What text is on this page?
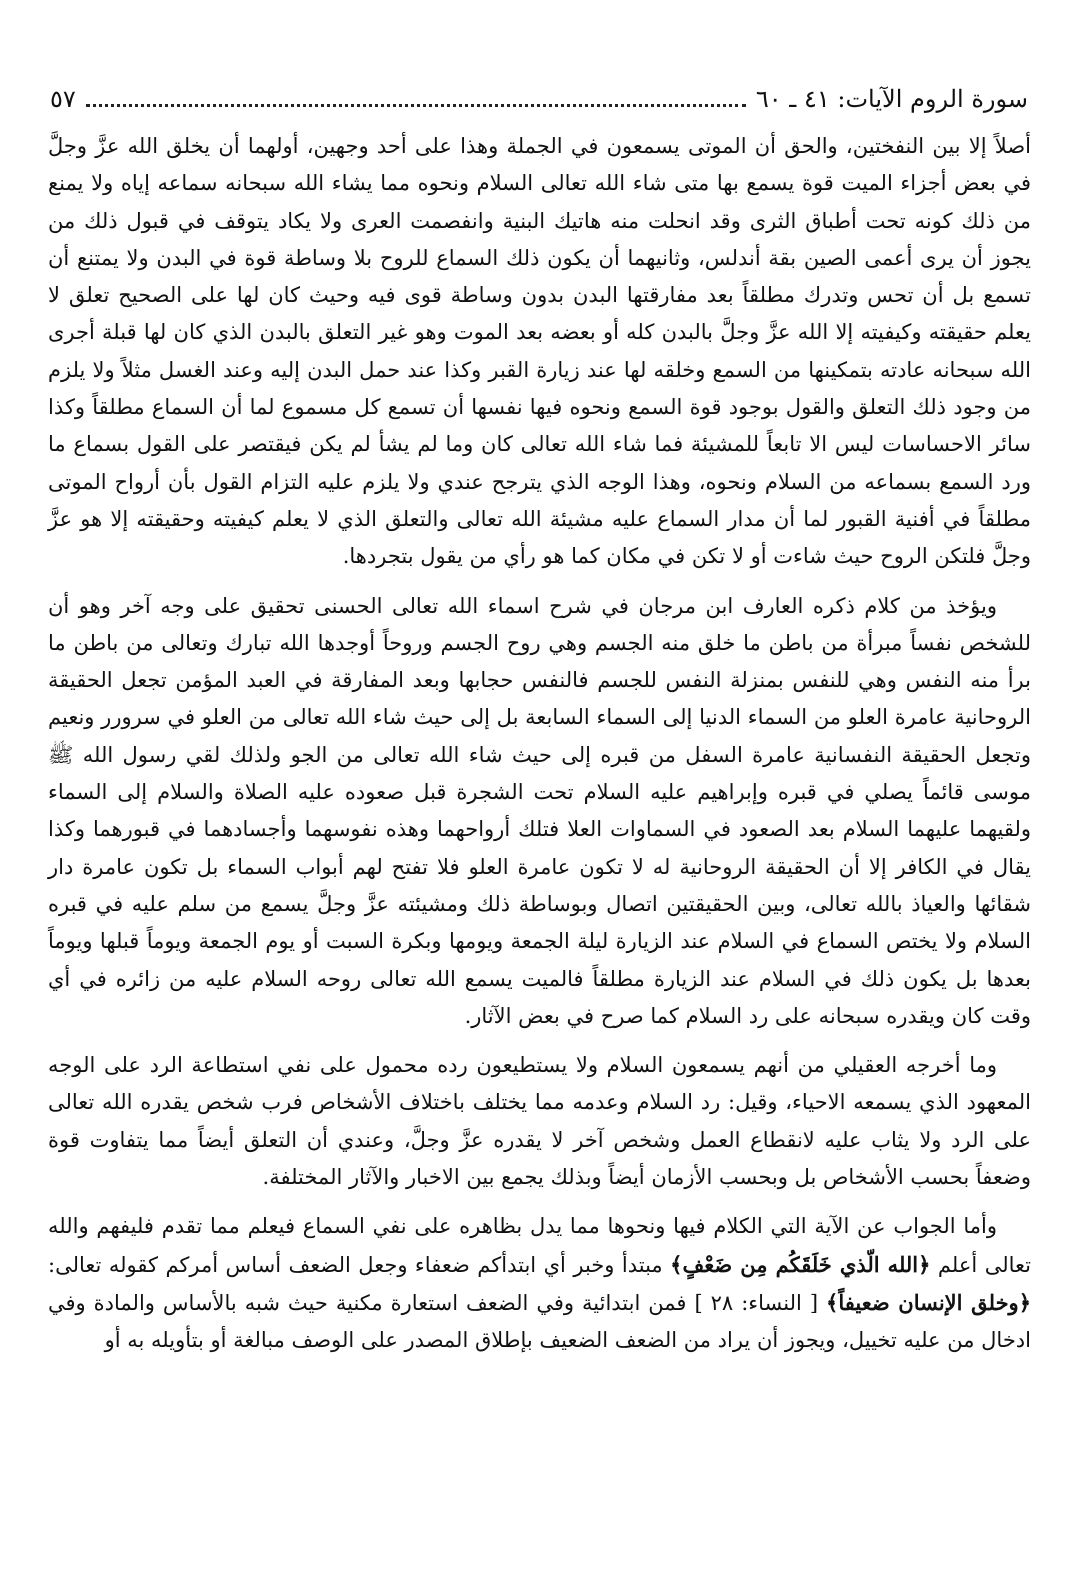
سورة الروم الآيات: ٤١ ـ ٦٠
٥٧

أصلاً إلا بين النفختين، والحق أن الموتى يسمعون في الجملة وهذا على أحد وجهين، أولهما أن يخلق الله عزَّ وجلَّ في بعض أجزاء الميت قوة يسمع بها متى شاء الله تعالى السلام ونحوه مما يشاء الله سبحانه سماعه إياه ولا يمنع من ذلك كونه تحت أطباق الثرى وقد انحلت منه هاتيك البنية وانفصمت العرى ولا يكاد يتوقف في قبول ذلك من يجوز أن يرى أعمى الصين بقة أندلس، وثانيهما أن يكون ذلك السماع للروح بلا وساطة قوة في البدن ولا يمتنع أن تسمع بل أن تحس وتدرك مطلقاً بعد مفارقتها البدن بدون وساطة قوى فيه وحيث كان لها على الصحيح تعلق لا يعلم حقيقته وكيفيته إلا الله عزَّ وجلَّ بالبدن كله أو بعضه بعد الموت وهو غير التعلق بالبدن الذي كان لها قبلة أجرى الله سبحانه عادته بتمكينها من السمع وخلقه لها عند زيارة القبر وكذا عند حمل البدن إليه وعند الغسل مثلاً ولا يلزم من وجود ذلك التعلق والقول بوجود قوة السمع ونحوه فيها نفسها أن تسمع كل مسموع لما أن السماع مطلقاً وكذا سائر الاحساسات ليس الا تابعاً للمشيئة فما شاء الله تعالى كان وما لم يشأ لم يكن فيقتصر على القول بسماع ما ورد السمع بسماعه من السلام ونحوه، وهذا الوجه الذي يترجح عندي ولا يلزم عليه التزام القول بأن أرواح الموتى مطلقاً في أفنية القبور لما أن مدار السماع عليه مشيئة الله تعالى والتعلق الذي لا يعلم كيفيته وحقيقته إلا هو عزَّ وجلَّ فلتكن الروح حيث شاءت أو لا تكن في مكان كما هو رأي من يقول بتجردها.

ويؤخذ من كلام ذكره العارف ابن مرجان في شرح اسماء الله تعالى الحسنى تحقيق على وجه آخر وهو أن للشخص نفساً مبرأة من باطن ما خلق منه الجسم وهي روح الجسم وروحاً أوجدها الله تبارك وتعالى من باطن ما برأ منه النفس وهي للنفس بمنزلة النفس للجسم فالنفس حجابها وبعد المفارقة في العبد المؤمن تجعل الحقيقة الروحانية عامرة العلو من السماء الدنيا إلى السماء السابعة بل إلى حيث شاء الله تعالى من العلو في سرورر ونعيم وتجعل الحقيقة النفسانية عامرة السفل من قبره إلى حيث شاء الله تعالى من الجو ولذلك لقي رسول الله ﷺ موسى قائماً يصلي في قبره وإبراهيم عليه السلام تحت الشجرة قبل صعوده عليه الصلاة والسلام إلى السماء ولقيهما عليهما السلام بعد الصعود في السماوات العلا فتلك أرواحهما وهذه نفوسهما وأجسادهما في قبورهما وكذا يقال في الكافر إلا أن الحقيقة الروحانية له لا تكون عامرة العلو فلا تفتح لهم أبواب السماء بل تكون عامرة دار شقائها والعياذ بالله تعالى، وبين الحقيقتين اتصال وبوساطة ذلك ومشيئته عزَّ وجلَّ يسمع من سلم عليه في قبره السلام ولا يختص السماع في السلام عند الزيارة ليلة الجمعة ويومها وبكرة السبت أو يوم الجمعة ويوماً قبلها ويوماً بعدها بل يكون ذلك في السلام عند الزيارة مطلقاً فالميت يسمع الله تعالى روحه السلام عليه من زائره في أي وقت كان ويقدره سبحانه على رد السلام كما صرح في بعض الآثار.

وما أخرجه العقيلي من أنهم يسمعون السلام ولا يستطيعون رده محمول على نفي استطاعة الرد على الوجه المعهود الذي يسمعه الاحياء، وقيل: رد السلام وعدمه مما يختلف باختلاف الأشخاص فرب شخص يقدره الله تعالى على الرد ولا يثاب عليه لانقطاع العمل وشخص آخر لا يقدره عزَّ وجلَّ، وعندي أن التعلق أيضاً مما يتفاوت قوة وضعفاً بحسب الأشخاص بل وبحسب الأزمان أيضاً وبذلك يجمع بين الاخبار والآثار المختلفة.

وأما الجواب عن الآية التي الكلام فيها ونحوها مما يدل بظاهره على نفي السماع فيعلم مما تقدم فليفهم والله تعالى أعلم ﴿الله الّذي خَلَقَكُم مِن ضَعْفٍ﴾ مبتدأ وخبر أي ابتدأكم ضعفاء وجعل الضعف أساس أمركم كقوله تعالى: ﴿وخلق الإنسان ضعيفاً﴾ [ النساء: ٢٨ ] فمن ابتدائية وفي الضعف استعارة مكنية حيث شبه بالأساس والمادة وفي ادخال من عليه تخييل، ويجوز أن يراد من الضعف الضعيف بإطلاق المصدر على الوصف مبالغة أو بتأويله به أو
